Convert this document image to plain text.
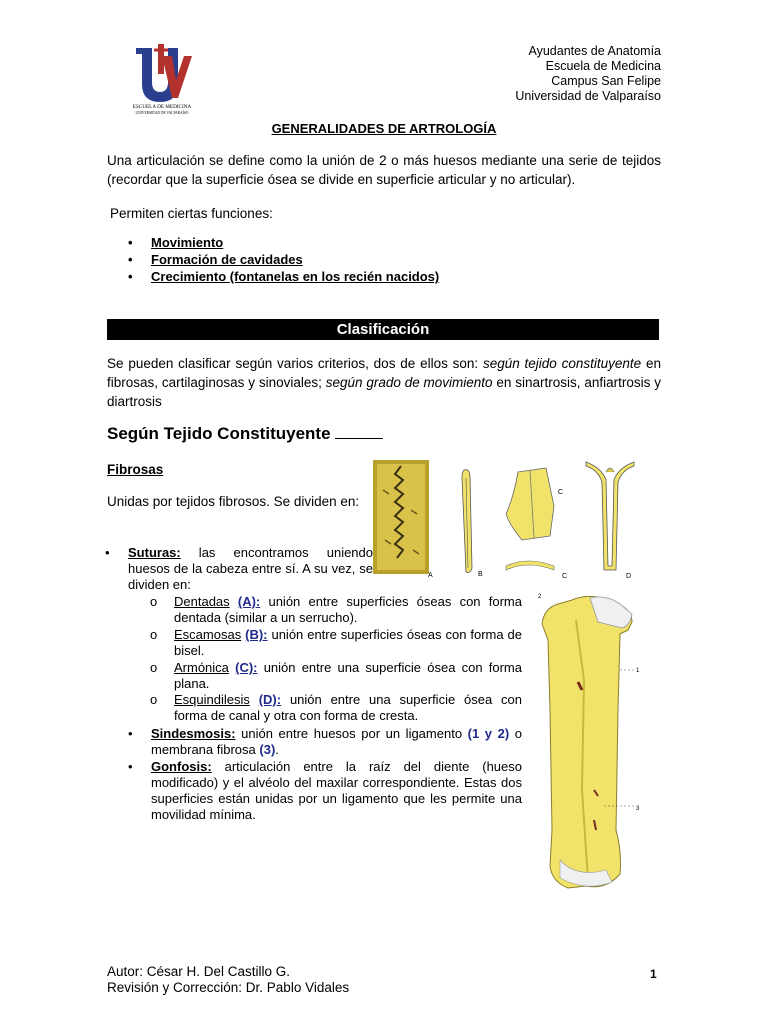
ESCUELA DE MEDICINA
UNIVERSIDAD DE VALPARAÍSO
Ayudantes de Anatomía
Escuela de Medicina
Campus San Felipe
Universidad de Valparaíso
GENERALIDADES DE ARTROLOGÍA
Una articulación se define como la unión de 2 o más huesos mediante una serie de tejidos (recordar que la superficie ósea se divide en superficie articular y no articular).
Permiten ciertas funciones:
• Movimiento
• Formación de cavidades
• Crecimiento (fontanelas en los recién nacidos)
Clasificación
Se pueden clasificar según varios criterios, dos de ellos son: según tejido constituyente en fibrosas, cartilaginosas y sinoviales; según grado de movimiento en sinartrosis, anfiartrosis y diartrosis
Según Tejido Constituyente
Fibrosas
Unidas por tejidos fibrosos. Se dividen en:
• Suturas: las encontramos uniendo huesos de la cabeza entre sí. A su vez, se dividen en:
o Dentadas (A): unión entre superficies óseas con forma dentada (similar a un serrucho).
o Escamosas (B): unión entre superficies óseas con forma de bisel.
o Armónica (C): unión entre una superficie ósea con forma plana.
o Esquindilesis (D): unión entre una superficie ósea con forma de canal y otra con forma de cresta.
• Sindesmosis: unión entre huesos por un ligamento (1 y 2) o membrana fibrosa (3).
• Gonfosis: articulación entre la raíz del diente (hueso modificado) y el alvéolo del maxilar correspondiente. Estas dos superficies están unidas por un ligamento que les permite una movilidad mínima.
A	B
C
C	D
2
1
3
Autor: César H. Del Castillo G.
Revisión y Corrección: Dr. Pablo Vidales
1
